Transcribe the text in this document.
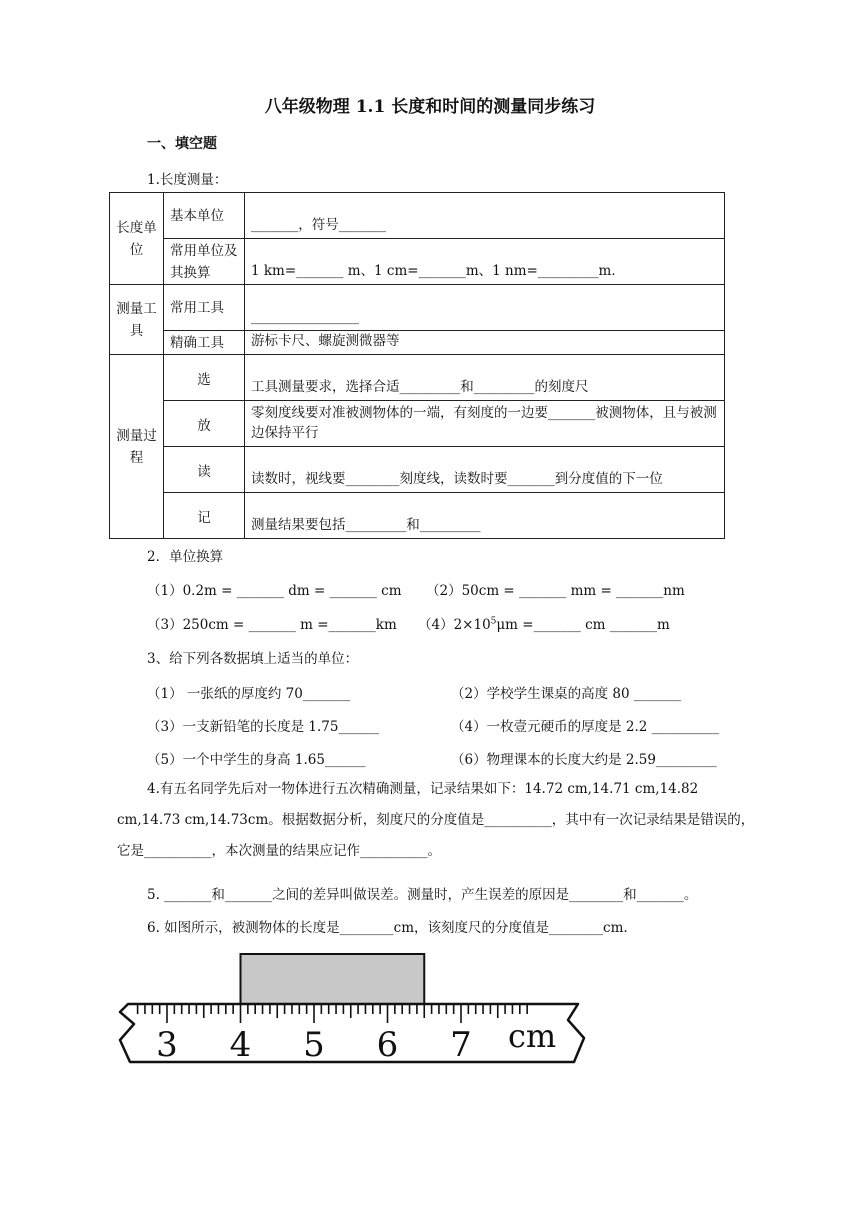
八年级物理 1.1 长度和时间的测量同步练习
一、填空题
1.长度测量：
长度单位	基本单位	_______，符号_______
	常用单位及其换算	1 km=_______ m、1 cm=_______m、1 nm=_________m．
测量工具	常用工具	________________
	精确工具	游标卡尺、螺旋测微器等
测量过程	选	工具测量要求，选择合适_________和_________的刻度尺
	放	零刻度线要对准被测物体的一端，有刻度的一边要_______被测物体，且与被测边保持平行
	读	读数时，视线要________刻度线，读数时要_______到分度值的下一位
	记	测量结果要包括_________和_________
2．单位换算
（1）0.2m = _______ dm = _______ cm （2）50cm = _______ mm = _______nm
（3）250cm = _______ m =_______km $(4)2\times 10^5\mu m$ =_______ cm _______m
3、给下列各数据填上适当的单位：
（1） 一张纸的厚度约 70_______	（2）学校学生课桌的高度 80 _______
（3）一支新铅笔的长度是 1.75______	（4）一枚壹元硬币的厚度是 2.2 __________
（5）一个中学生的身高 1.65______	（6）物理课本的长度大约是 2.59_________
4.有五名同学先后对一物体进行五次精确测量，记录结果如下：14.72 cm,14.71 cm,14.82 cm,14.73 cm,14.73cm。根据数据分析，刻度尺的分度值是__________，其中有一次记录结果是错误的，它是__________，本次测量的结果应记作__________。
5. _______和_______之间的差异叫做误差。测量时，产生误差的原因是________和_______。
6. 如图所示，被测物体的长度是________cm，该刻度尺的分度值是________cm.
3 4 5 6 7 cm
